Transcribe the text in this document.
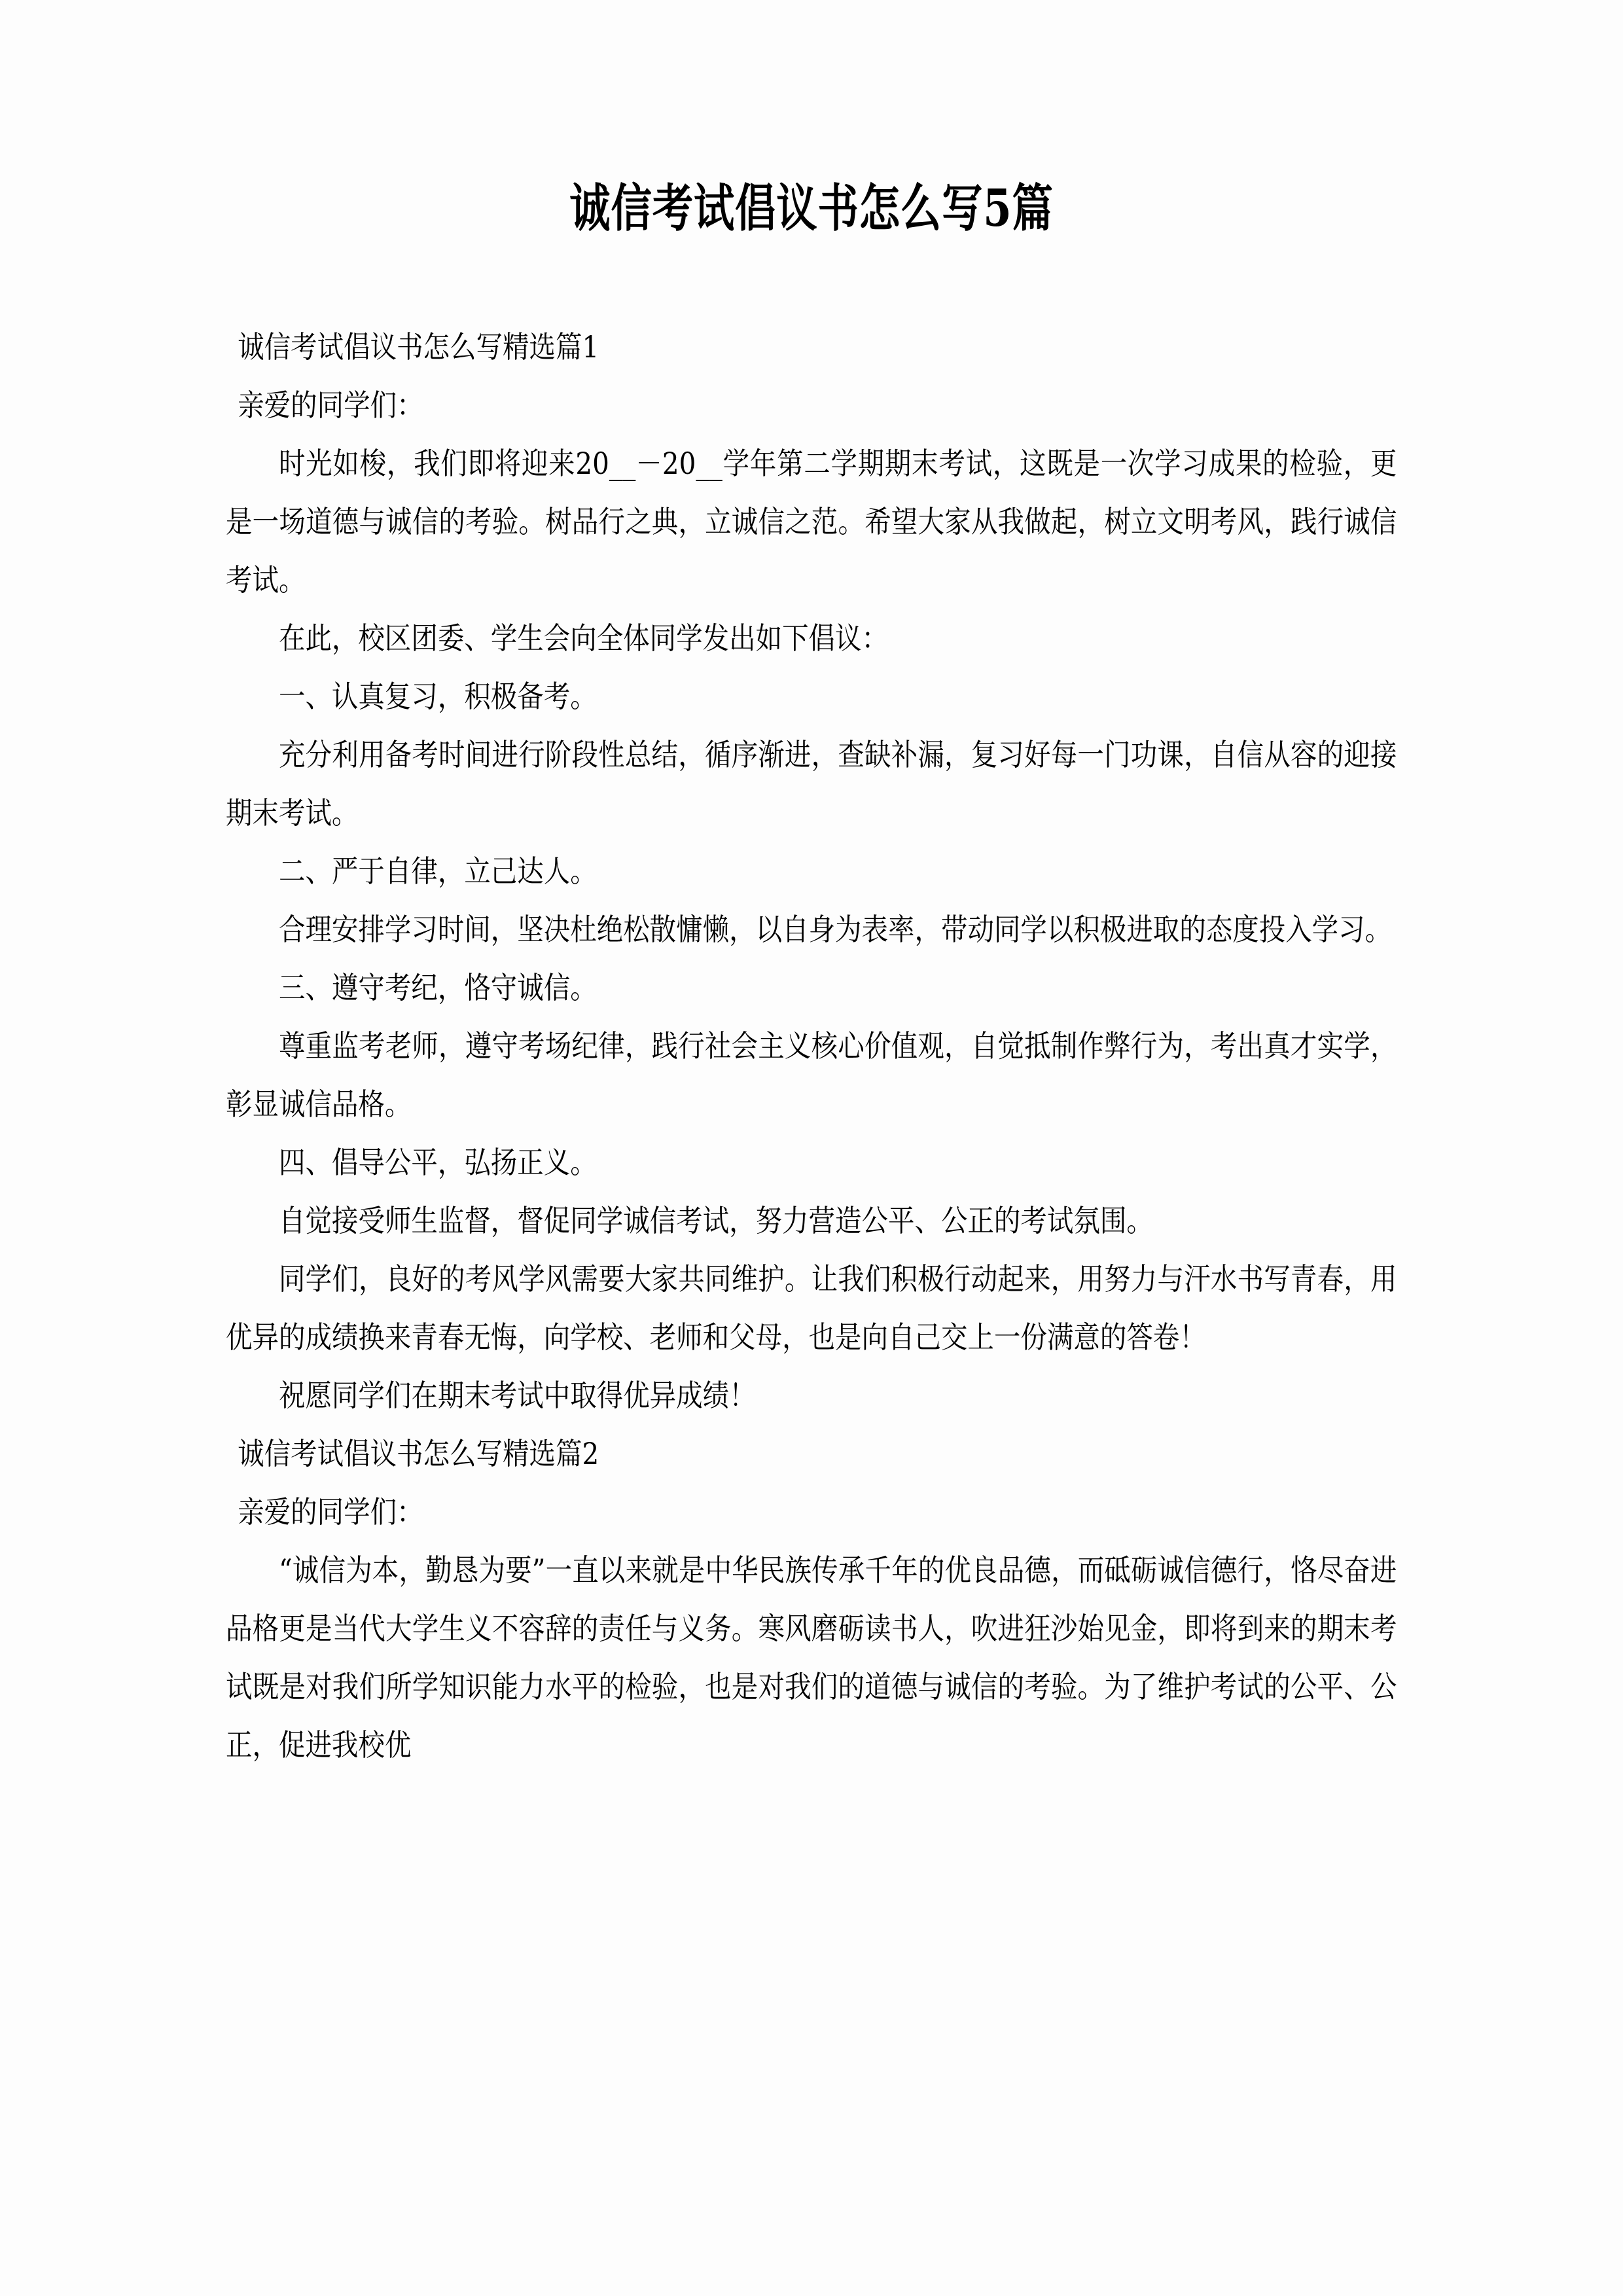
诚信考试倡议书怎么写5篇

诚信考试倡议书怎么写精选篇1

亲爱的同学们：

时光如梭，我们即将迎来20__－20__学年第二学期期末考试，这既是一次学习成果的检验，更是一场道德与诚信的考验。树品行之典，立诚信之范。希望大家从我做起，树立文明考风，践行诚信考试。

在此，校区团委、学生会向全体同学发出如下倡议：

一、认真复习，积极备考。

充分利用备考时间进行阶段性总结，循序渐进，查缺补漏，复习好每一门功课，自信从容的迎接期末考试。

二、严于自律，立己达人。

合理安排学习时间，坚决杜绝松散慵懒，以自身为表率，带动同学以积极进取的态度投入学习。

三、遵守考纪，恪守诚信。

尊重监考老师，遵守考场纪律，践行社会主义核心价值观，自觉抵制作弊行为，考出真才实学，彰显诚信品格。

四、倡导公平，弘扬正义。

自觉接受师生监督，督促同学诚信考试，努力营造公平、公正的考试氛围。

同学们，良好的考风学风需要大家共同维护。让我们积极行动起来，用努力与汗水书写青春，用优异的成绩换来青春无悔，向学校、老师和父母，也是向自己交上一份满意的答卷！

祝愿同学们在期末考试中取得优异成绩！

诚信考试倡议书怎么写精选篇2

亲爱的同学们：

“诚信为本，勤恳为要”一直以来就是中华民族传承千年的优良品德，而砥砺诚信德行，恪尽奋进品格更是当代大学生义不容辞的责任与义务。寒风磨砺读书人，吹进狂沙始见金，即将到来的期末考试既是对我们所学知识能力水平的检验，也是对我们的道德与诚信的考验。为了维护考试的公平、公正，促进我校优
